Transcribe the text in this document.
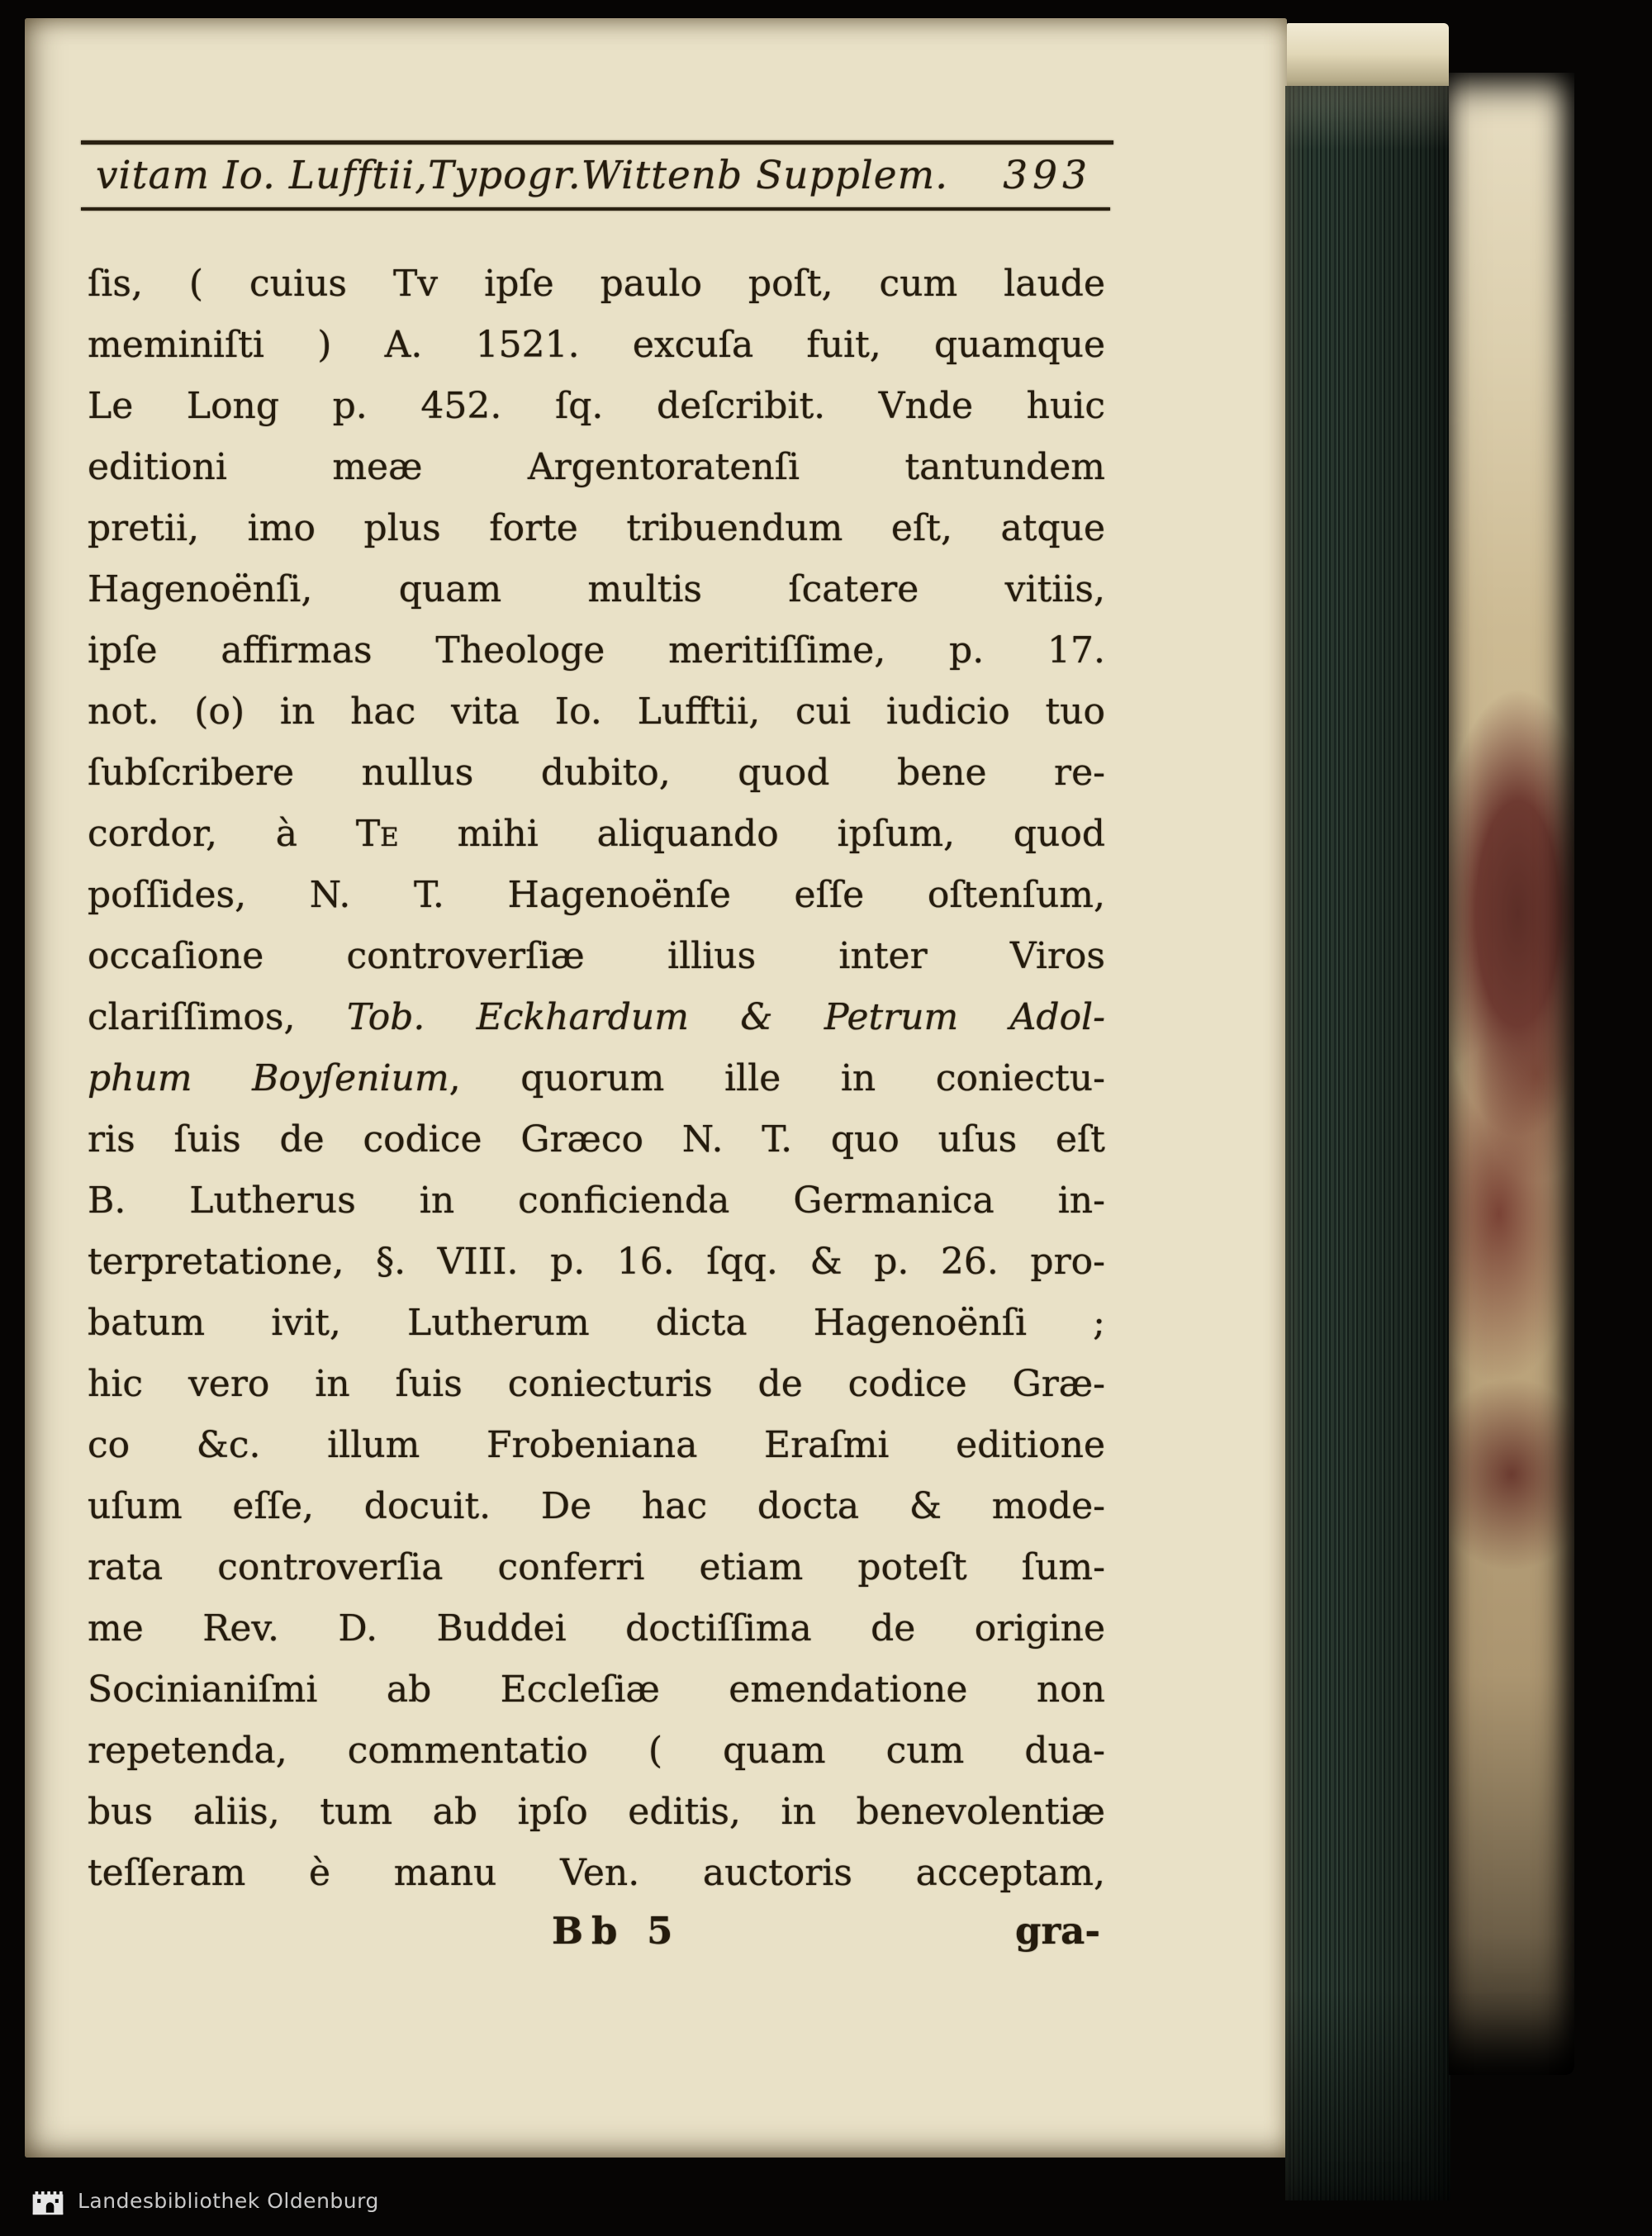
vitam Io. Lufftii,Typogr.Wittenb Supplem. 393
ſis, ( cuius Tv ipſe paulo poſt, cum laude
meminiſti ) A. 1521. excuſa fuit, quamque
Le Long p. 452. ſq. deſcribit. Vnde huic
editioni meæ Argentoratenſi tantundem
pretii, imo plus forte tribuendum eſt, atque
Hagenoënſi, quam multis ſcatere vitiis,
ipſe affirmas Theologe meritiſſime, p. 17.
not. (o) in hac vita Io. Lufftii, cui iudicio tuo
ſubſcribere nullus dubito, quod bene re-
cordor, à Te mihi aliquando ipſum, quod
poſſides, N. T. Hagenoënſe eſſe oſtenſum,
occaſione controverſiæ illius inter Viros
clariſſimos, Tob. Eckhardum & Petrum Adol-
phum Boyſenium, quorum ille in coniectu-
ris ſuis de codice Græco N. T. quo uſus eſt
B. Lutherus in conficienda Germanica in-
terpretatione, §. VIII. p. 16. ſqq. & p. 26. pro-
batum ivit, Lutherum dicta Hagenoënſi ;
hic vero in ſuis coniecturis de codice Græ-
co &c. illum Frobeniana Eraſmi editione
uſum eſſe, docuit. De hac docta & mode-
rata controverſia conferri etiam poteſt ſum-
me Rev. D. Buddei doctiſſima de origine
Socinianiſmi ab Eccleſiæ emendatione non
repetenda, commentatio ( quam cum dua-
bus aliis, tum ab ipſo editis, in benevolentiæ
teſſeram è manu Ven. auctoris acceptam,
Bb 5	gra-
Landesbibliothek Oldenburg
